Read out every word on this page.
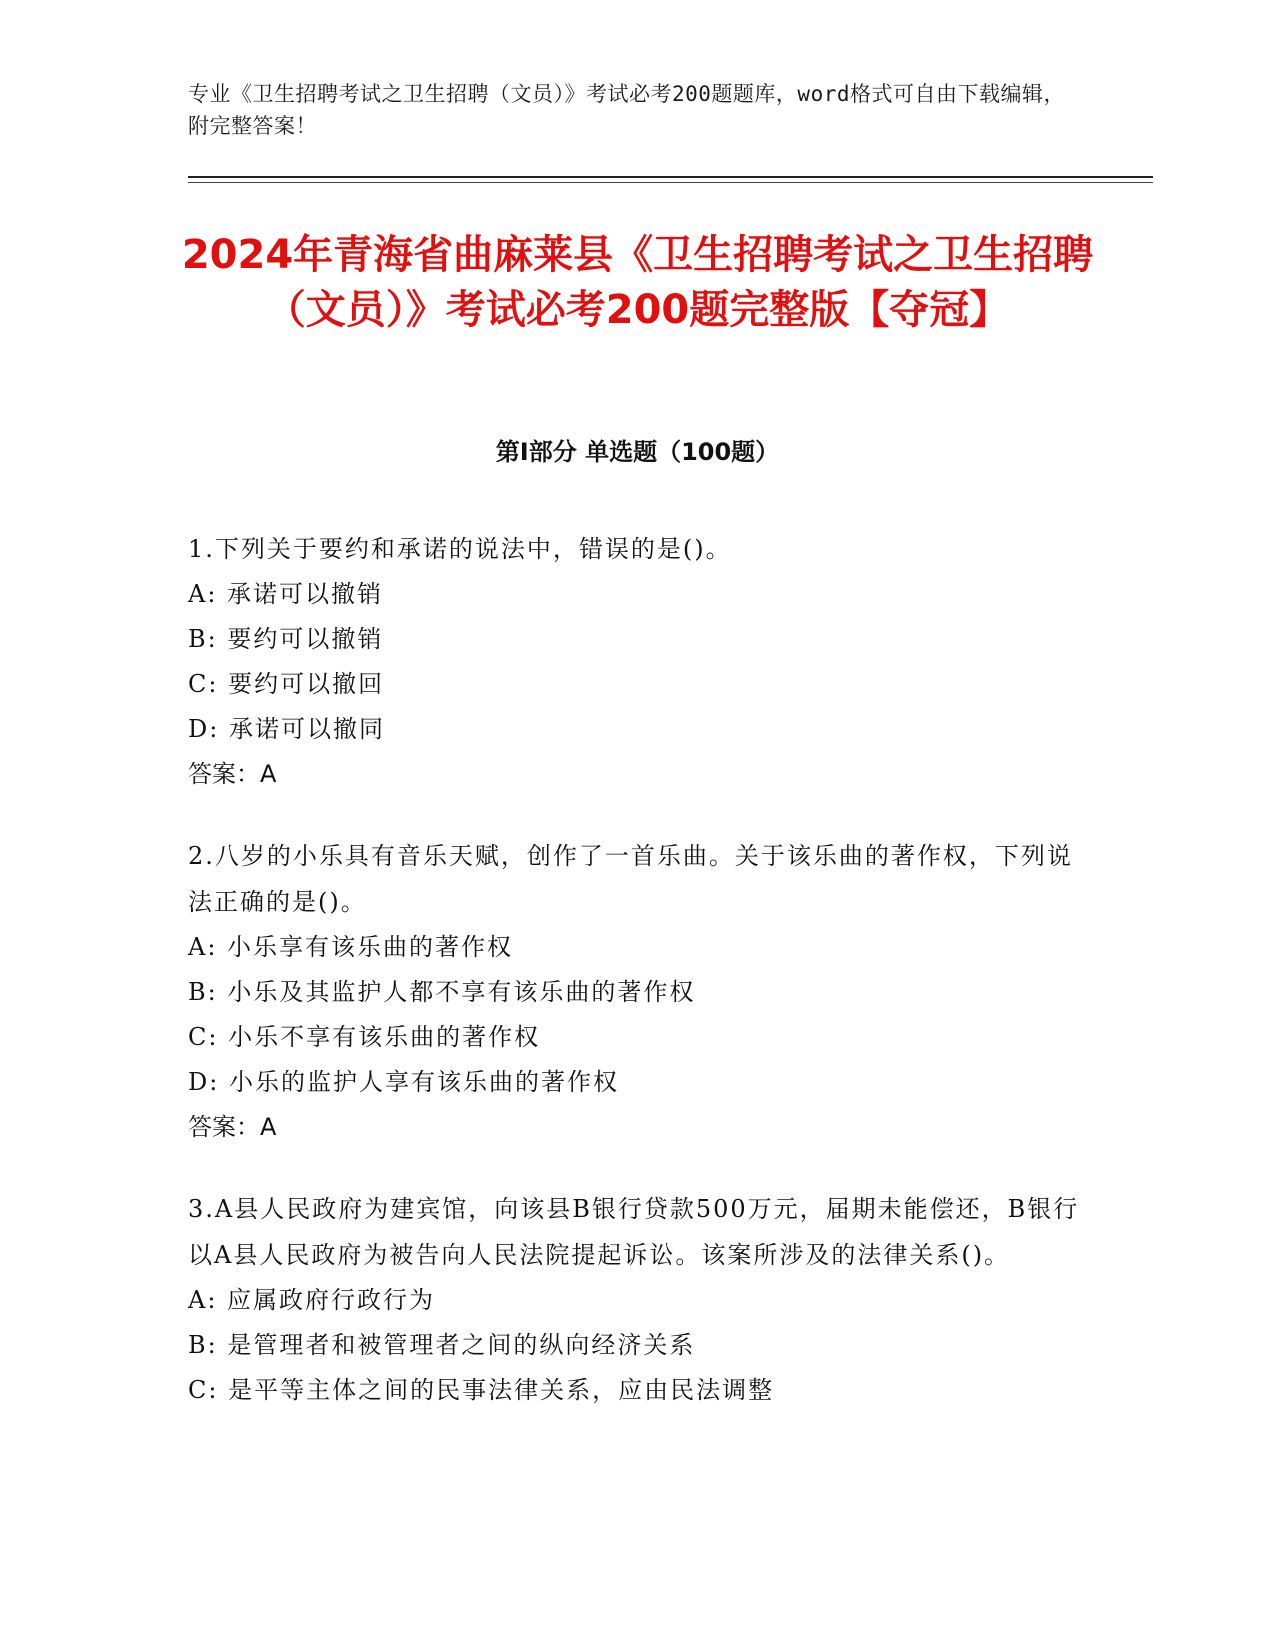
专业《卫生招聘考试之卫生招聘（文员）》考试必考200题题库，word格式可自由下载编辑，附完整答案！
2024年青海省曲麻莱县《卫生招聘考试之卫生招聘（文员）》考试必考200题完整版【夺冠】
第I部分 单选题（100题）
1.下列关于要约和承诺的说法中，错误的是()。
A: 承诺可以撤销
B: 要约可以撤销
C: 要约可以撤回
D: 承诺可以撤同
答案：A
2.八岁的小乐具有音乐天赋，创作了一首乐曲。关于该乐曲的著作权，下列说法正确的是()。
A: 小乐享有该乐曲的著作权
B: 小乐及其监护人都不享有该乐曲的著作权
C: 小乐不享有该乐曲的著作权
D: 小乐的监护人享有该乐曲的著作权
答案：A
3.A县人民政府为建宾馆，向该县B银行贷款500万元，届期未能偿还，B银行以A县人民政府为被告向人民法院提起诉讼。该案所涉及的法律关系()。
A: 应属政府行政行为
B: 是管理者和被管理者之间的纵向经济关系
C: 是平等主体之间的民事法律关系，应由民法调整
